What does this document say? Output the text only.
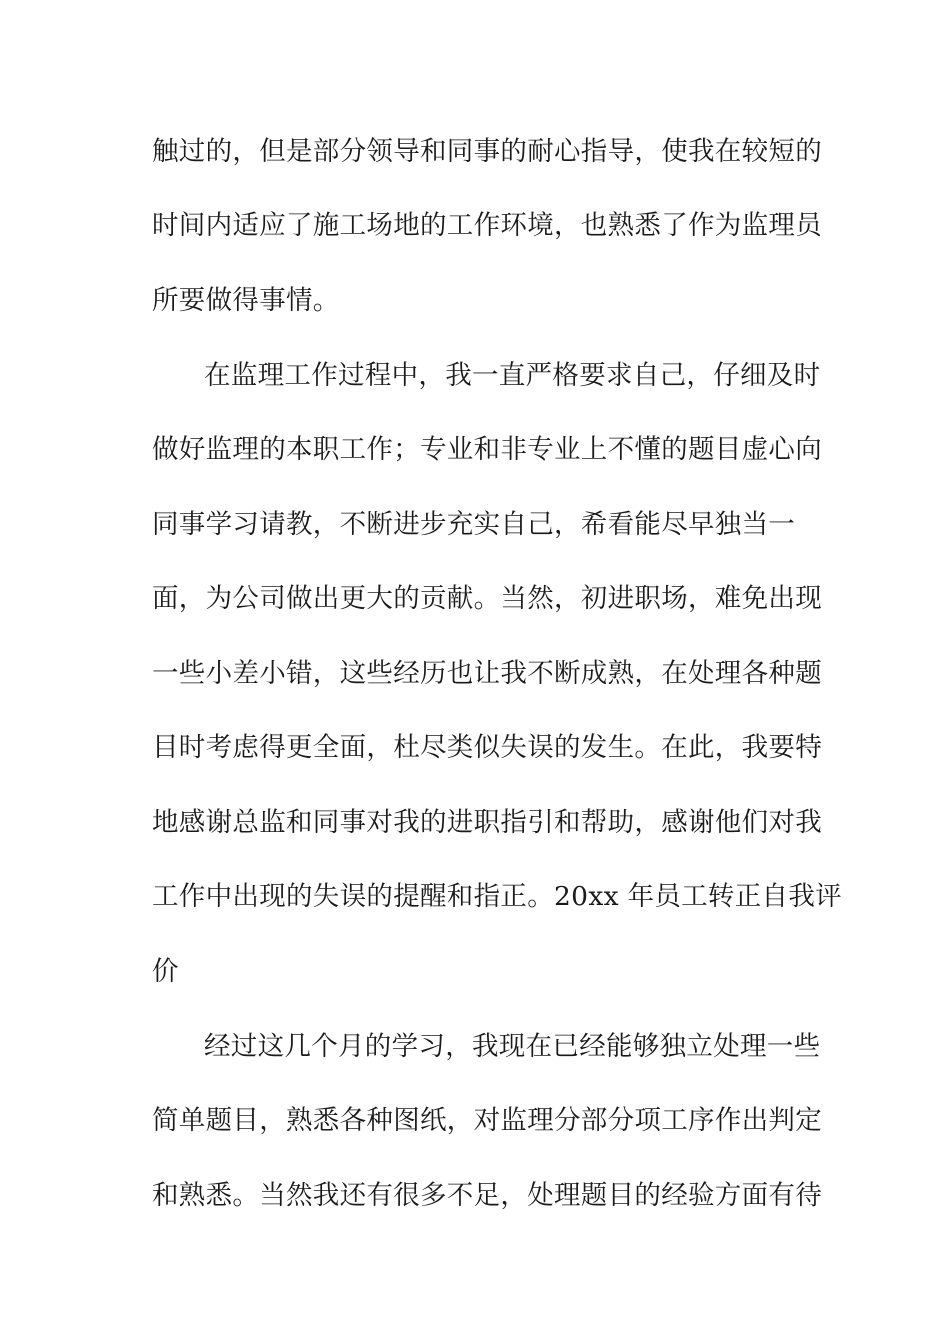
触过的，但是部分领导和同事的耐心指导，使我在较短的
时间内适应了施工场地的工作环境，也熟悉了作为监理员
所要做得事情。
在监理工作过程中，我一直严格要求自己，仔细及时
做好监理的本职工作；专业和非专业上不懂的题目虚心向
同事学习请教，不断进步充实自己，希看能尽早独当一
面，为公司做出更大的贡献。当然，初进职场，难免出现
一些小差小错，这些经历也让我不断成熟，在处理各种题
目时考虑得更全面，杜尽类似失误的发生。在此，我要特
地感谢总监和同事对我的进职指引和帮助，感谢他们对我
工作中出现的失误的提醒和指正。20xx 年员工转正自我评
价
经过这几个月的学习，我现在已经能够独立处理一些
简单题目，熟悉各种图纸，对监理分部分项工序作出判定
和熟悉。当然我还有很多不足，处理题目的经验方面有待
